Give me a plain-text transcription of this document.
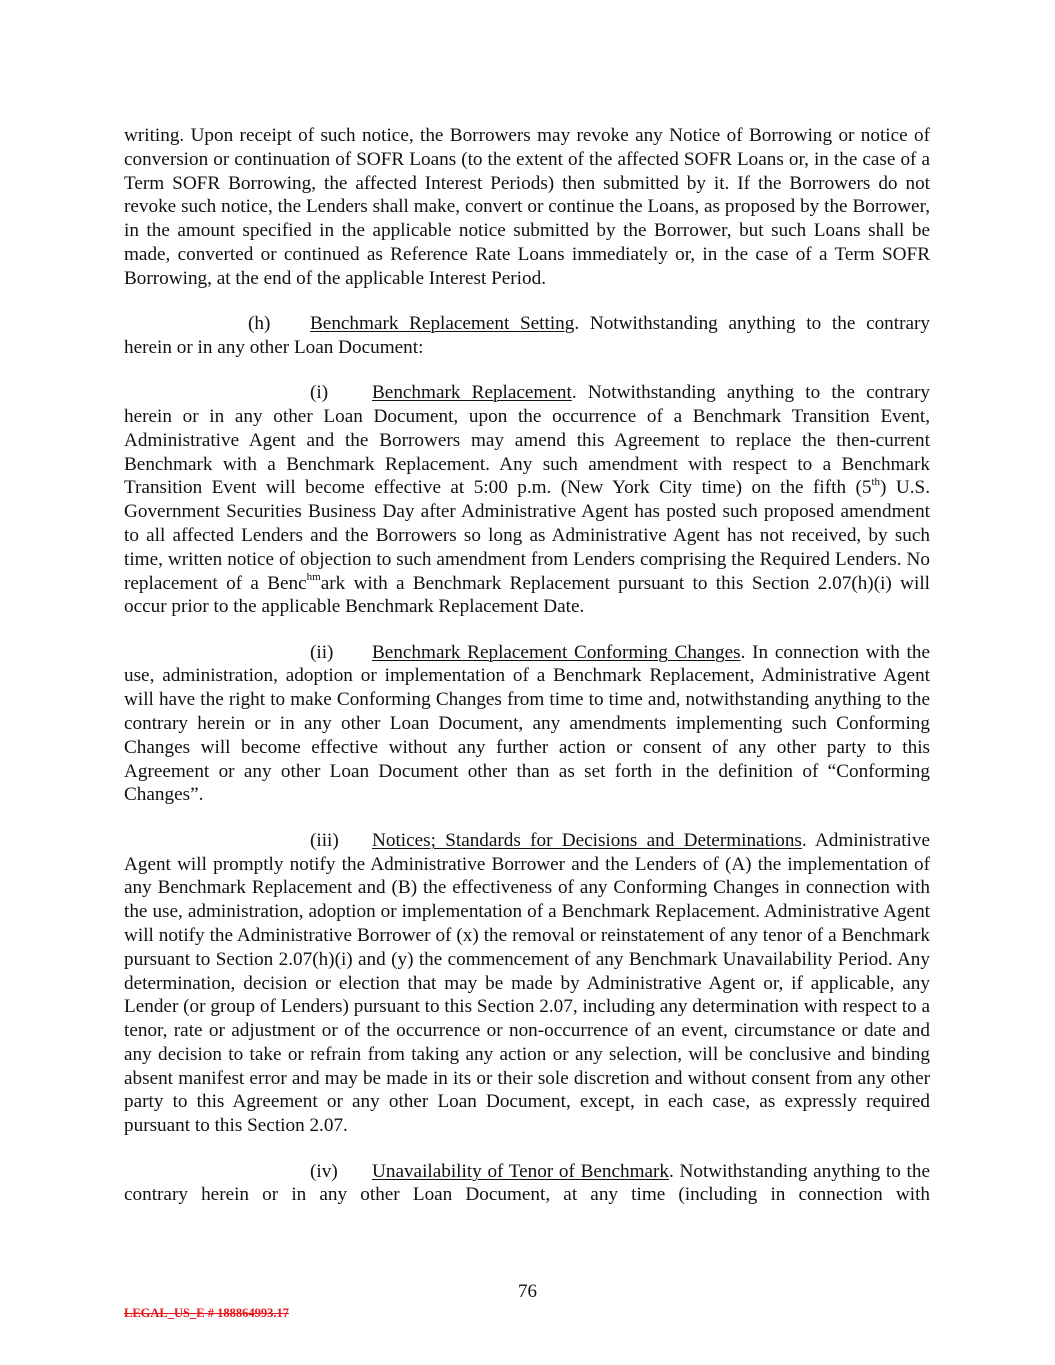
writing. Upon receipt of such notice, the Borrowers may revoke any Notice of Borrowing or notice of conversion or continuation of SOFR Loans (to the extent of the affected SOFR Loans or, in the case of a Term SOFR Borrowing, the affected Interest Periods) then submitted by it. If the Borrowers do not revoke such notice, the Lenders shall make, convert or continue the Loans, as proposed by the Borrower, in the amount specified in the applicable notice submitted by the Borrower, but such Loans shall be made, converted or continued as Reference Rate Loans immediately or, in the case of a Term SOFR Borrowing, at the end of the applicable Interest Period.

(h) Benchmark Replacement Setting. Notwithstanding anything to the contrary herein or in any other Loan Document:

(i) Benchmark Replacement. Notwithstanding anything to the contrary herein or in any other Loan Document, upon the occurrence of a Benchmark Transition Event, Administrative Agent and the Borrowers may amend this Agreement to replace the then-current Benchmark with a Benchmark Replacement. Any such amendment with respect to a Benchmark Transition Event will become effective at 5:00 p.m. (New York City time) on the fifth (5th) U.S. Government Securities Business Day after Administrative Agent has posted such proposed amendment to all affected Lenders and the Borrowers so long as Administrative Agent has not received, by such time, written notice of objection to such amendment from Lenders comprising the Required Lenders. No replacement of a Benc$^{hm}$ark with a Benchmark Replacement pursuant to this Section 2.07(h)(i) will occur prior to the applicable Benchmark Replacement Date.

(ii) Benchmark Replacement Conforming Changes. In connection with the use, administration, adoption or implementation of a Benchmark Replacement, Administrative Agent will have the right to make Conforming Changes from time to time and, notwithstanding anything to the contrary herein or in any other Loan Document, any amendments implementing such Conforming Changes will become effective without any further action or consent of any other party to this Agreement or any other Loan Document other than as set forth in the definition of “Conforming Changes”.

(iii) Notices; Standards for Decisions and Determinations. Administrative Agent will promptly notify the Administrative Borrower and the Lenders of (A) the implementation of any Benchmark Replacement and (B) the effectiveness of any Conforming Changes in connection with the use, administration, adoption or implementation of a Benchmark Replacement. Administrative Agent will notify the Administrative Borrower of (x) the removal or reinstatement of any tenor of a Benchmark pursuant to Section 2.07(h)(i) and (y) the commencement of any Benchmark Unavailability Period. Any determination, decision or election that may be made by Administrative Agent or, if applicable, any Lender (or group of Lenders) pursuant to this Section 2.07, including any determination with respect to a tenor, rate or adjustment or of the occurrence or non-occurrence of an event, circumstance or date and any decision to take or refrain from taking any action or any selection, will be conclusive and binding absent manifest error and may be made in its or their sole discretion and without consent from any other party to this Agreement or any other Loan Document, except, in each case, as expressly required pursuant to this Section 2.07.

(iv) Unavailability of Tenor of Benchmark. Notwithstanding anything to the contrary herein or in any other Loan Document, at any time (including in connection with

76
LEGAL_US_E # 188864993.17
